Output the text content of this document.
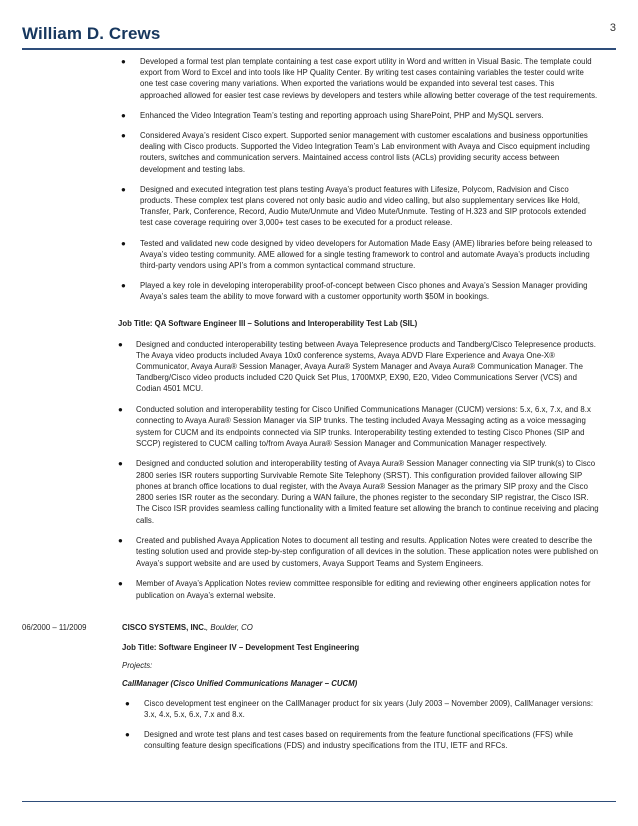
William D. Crews	3
● Developed a formal test plan template containing a test case export utility in Word and written in Visual Basic. The template could export from Word to Excel and into tools like HP Quality Center. By writing test cases containing variables the tester could write one test case covering many variations. When exported the variations would be expanded into several test cases. This approached allowed for easier test case reviews by developers and testers while allowing better coverage of the test requirements.
● Enhanced the Video Integration Team’s testing and reporting approach using SharePoint, PHP and MySQL servers.
● Considered Avaya’s resident Cisco expert. Supported senior management with customer escalations and business opportunities dealing with Cisco products. Supported the Video Integration Team’s Lab environment with Avaya and Cisco equipment including routers, switches and communication servers. Maintained access control lists (ACLs) providing security access between development and testing labs.
● Designed and executed integration test plans testing Avaya’s product features with Lifesize, Polycom, Radvision and Cisco products. These complex test plans covered not only basic audio and video calling, but also supplementary services like Hold, Transfer, Park, Conference, Record, Audio Mute/Unmute and Video Mute/Unmute. Testing of H.323 and SIP protocols extended test case coverage requiring over 3,000+ test cases to be executed for a product release.
● Tested and validated new code designed by video developers for Automation Made Easy (AME) libraries before being released to Avaya’s video testing community. AME allowed for a single testing framework to control and automate Avaya’s products including third-party vendors using API’s from a common syntactical command structure.
● Played a key role in developing interoperability proof-of-concept between Cisco phones and Avaya’s Session Manager providing Avaya’s sales team the ability to move forward with a customer opportunity worth $50M in bookings.
Job Title: QA Software Engineer III – Solutions and Interoperability Test Lab (SIL)
● Designed and conducted interoperability testing between Avaya Telepresence products and Tandberg/Cisco Telepresence products. The Avaya video products included Avaya 10x0 conference systems, Avaya ADVD Flare Experience and Avaya One-X® Communicator, Avaya Aura® Session Manager, Avaya Aura® System Manager and Avaya Aura® Communication Manager. The Tandberg/Cisco video products included C20 Quick Set Plus, 1700MXP, EX90, E20, Video Communications Server (VCS) and Codian 4501 MCU.
● Conducted solution and interoperability testing for Cisco Unified Communications Manager (CUCM) versions: 5.x, 6.x, 7.x, and 8.x connecting to Avaya Aura® Session Manager via SIP trunks. The testing included Avaya Messaging acting as a voice messaging system for CUCM and its endpoints connected via SIP trunks. Interoperability testing extended to testing Cisco Phones (SIP and SCCP) registered to CUCM calling to/from Avaya Aura® Session Manager and Communication Manager respectively.
● Designed and conducted solution and interoperability testing of Avaya Aura® Session Manager connecting via SIP trunk(s) to Cisco 2800 series ISR routers supporting Survivable Remote Site Telephony (SRST). This configuration provided failover allowing SIP phones at branch office locations to dual register, with the Avaya Aura® Session Manager as the primary SIP proxy and the Cisco 2800 series ISR router as the secondary. During a WAN failure, the phones register to the secondary SIP registrar, the Cisco ISR. The Cisco ISR provides seamless calling functionality with a limited feature set allowing the branch to continue receiving and placing calls.
● Created and published Avaya Application Notes to document all testing and results. Application Notes were created to describe the testing solution used and provide step-by-step configuration of all devices in the solution. These application notes were published on Avaya’s support website and are used by customers, Avaya Support Teams and System Engineers.
● Member of Avaya’s Application Notes review committee responsible for editing and reviewing other engineers application notes for publication on Avaya’s external website.
06/2000 – 11/2009	CISCO SYSTEMS, INC., Boulder, CO
Job Title: Software Engineer IV – Development Test Engineering
Projects:
CallManager (Cisco Unified Communications Manager – CUCM)
● Cisco development test engineer on the CallManager product for six years (July 2003 – November 2009), CallManager versions: 3.x, 4.x, 5.x, 6.x, 7.x and 8.x.
● Designed and wrote test plans and test cases based on requirements from the feature functional specifications (FFS) while consulting feature design specifications (FDS) and industry specifications from the ITU, IETF and RFCs.
